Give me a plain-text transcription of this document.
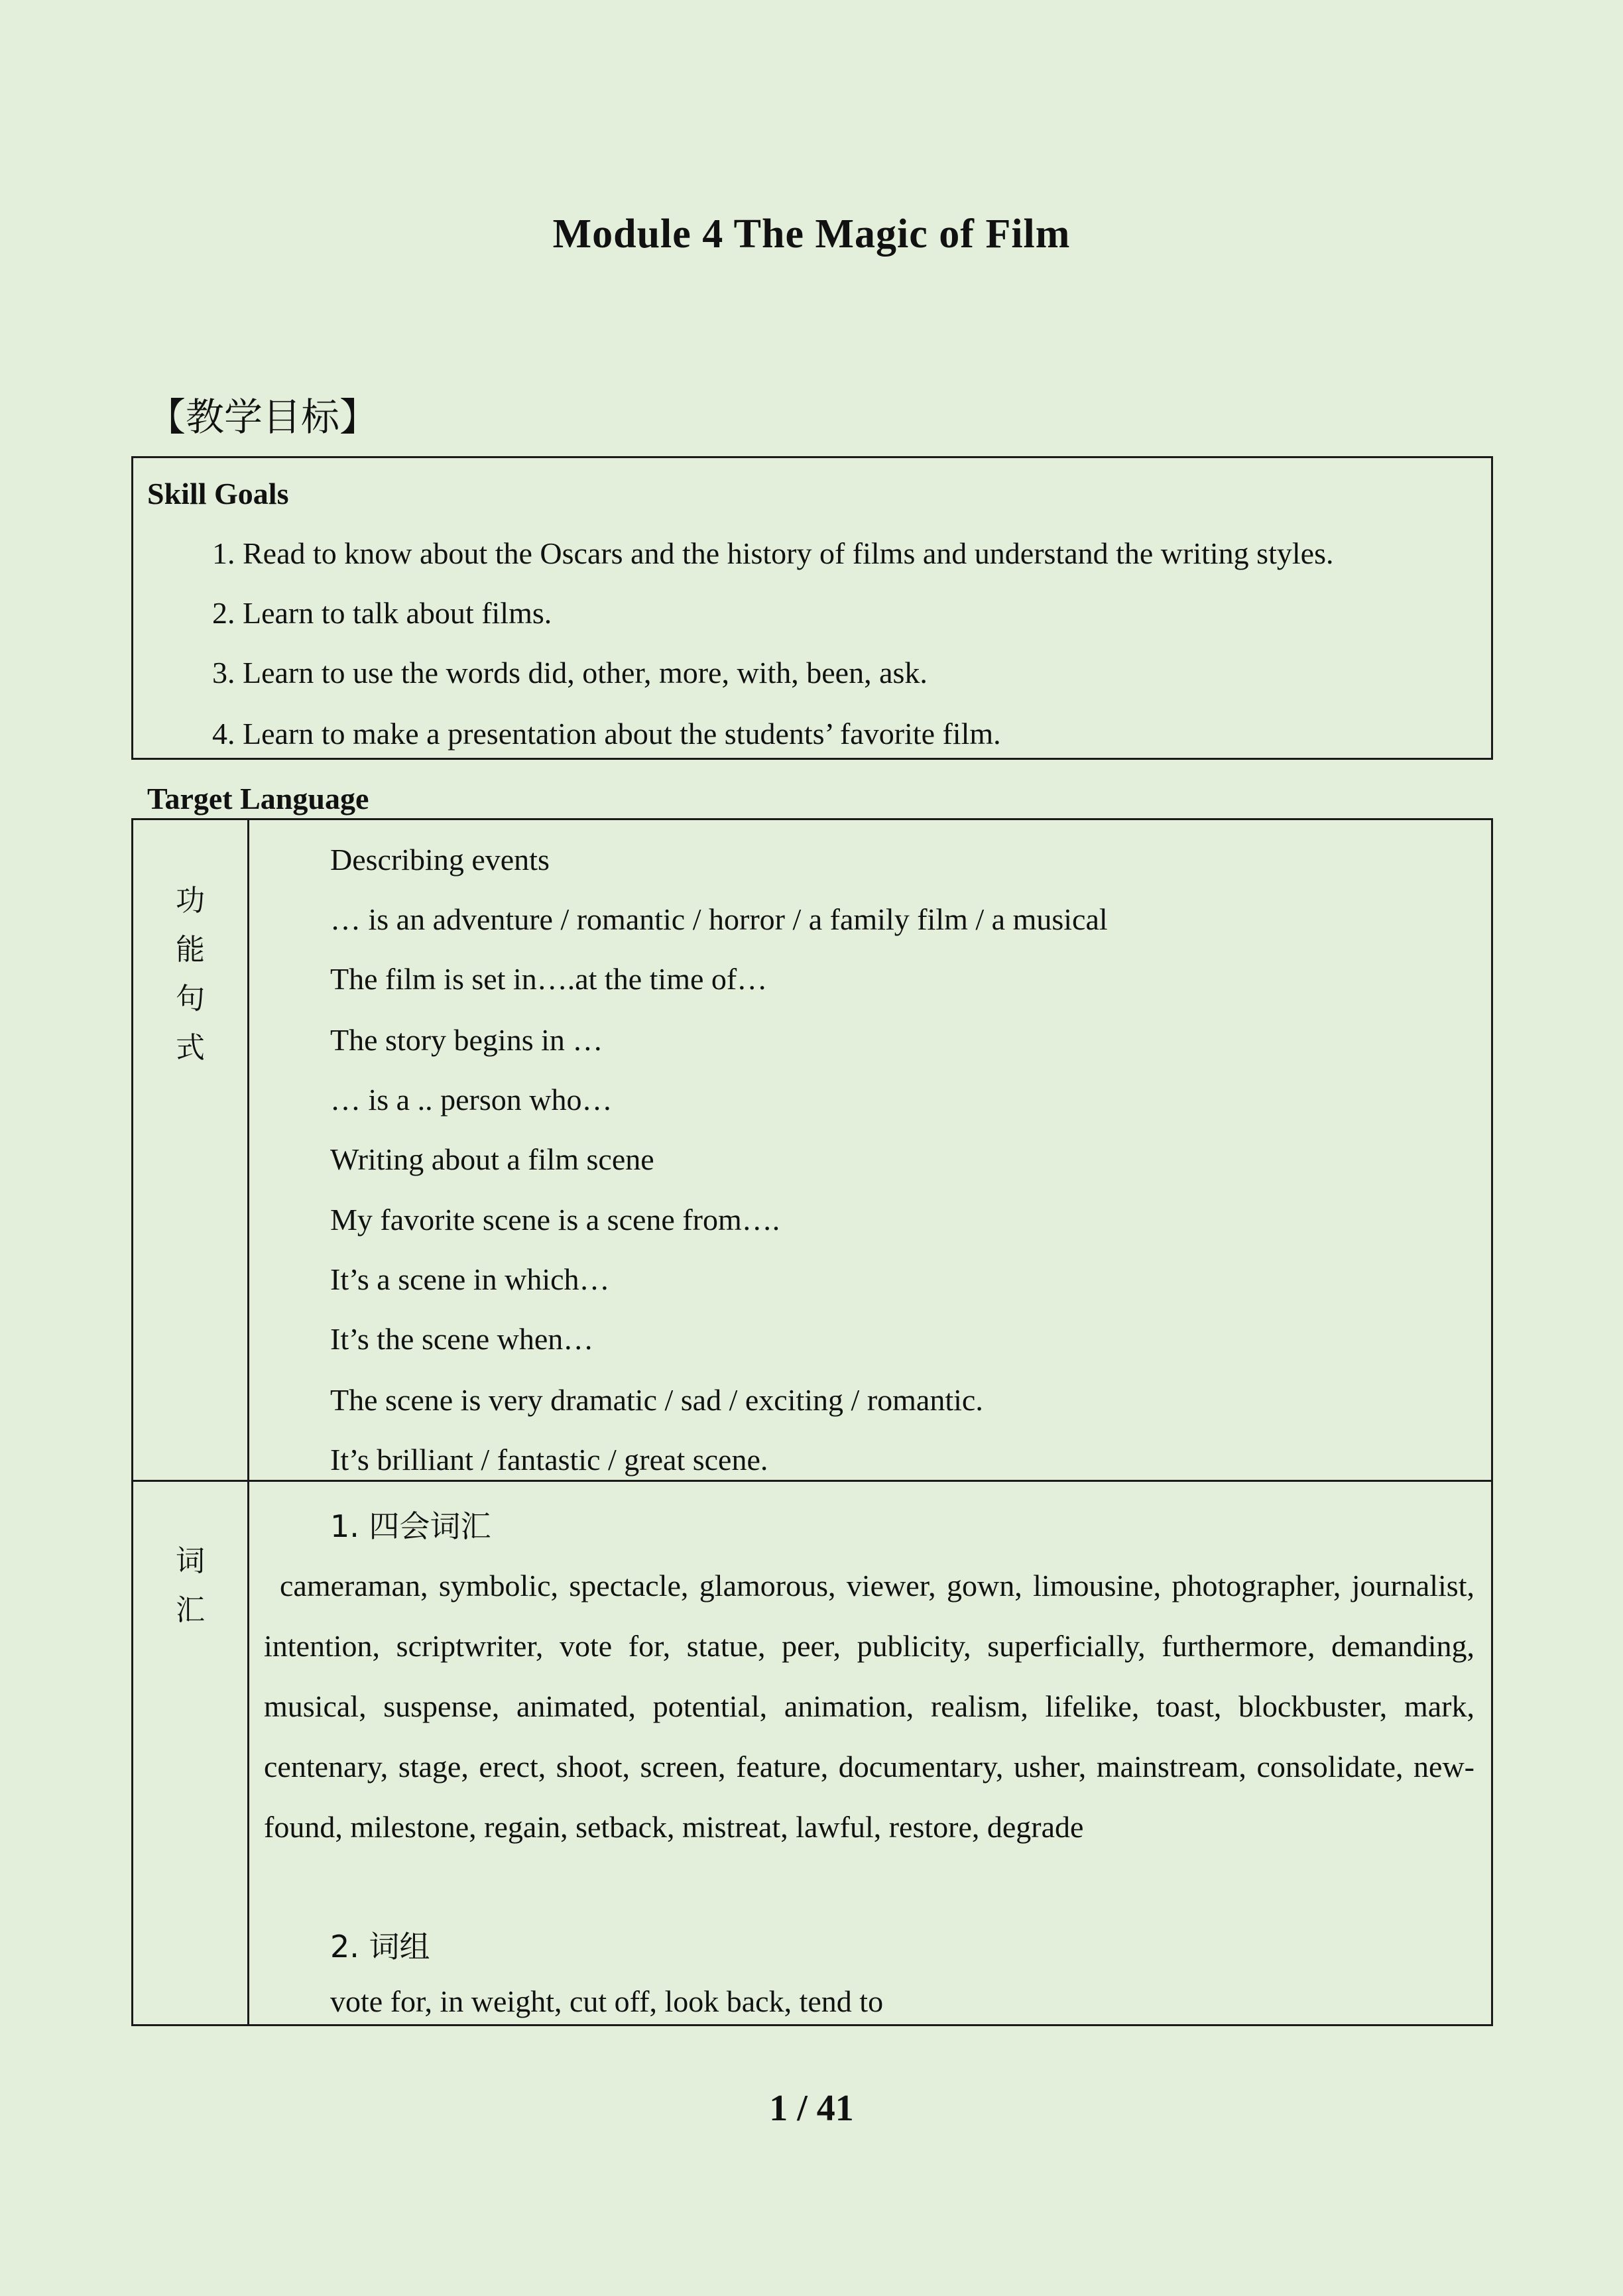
Module 4 The Magic of Film
【教学目标】
Skill Goals
1. Read to know about the Oscars and the history of films and understand the writing styles.
2. Learn to talk about films.
3. Learn to use the words did, other, more, with, been, ask.
4. Learn to make a presentation about the students’ favorite film.
Target Language
功
能
句
式
Describing events
… is an adventure / romantic / horror / a family film / a musical
The film is set in….at the time of…
The story begins in …
… is a .. person who…
Writing about a film scene
My favorite scene is a scene from….
It’s a scene in which…
It’s the scene when…
The scene is very dramatic / sad / exciting / romantic.
It’s brilliant / fantastic / great scene.
词
汇
1. 四会词汇

cameraman, symbolic, spectacle, glamorous, viewer, gown, limousine, photographer, journalist, intention, scriptwriter, vote for, statue, peer, publicity, superficially, furthermore, demanding, musical, suspense, animated, potential, animation, realism, lifelike, toast, blockbuster, mark, centenary, stage, erect, shoot, screen, feature, documentary, usher, mainstream, consolidate, new-found, milestone, regain, setback, mistreat, lawful, restore, degrade

2. 词组
vote for, in weight, cut off, look back, tend to
1 / 41
